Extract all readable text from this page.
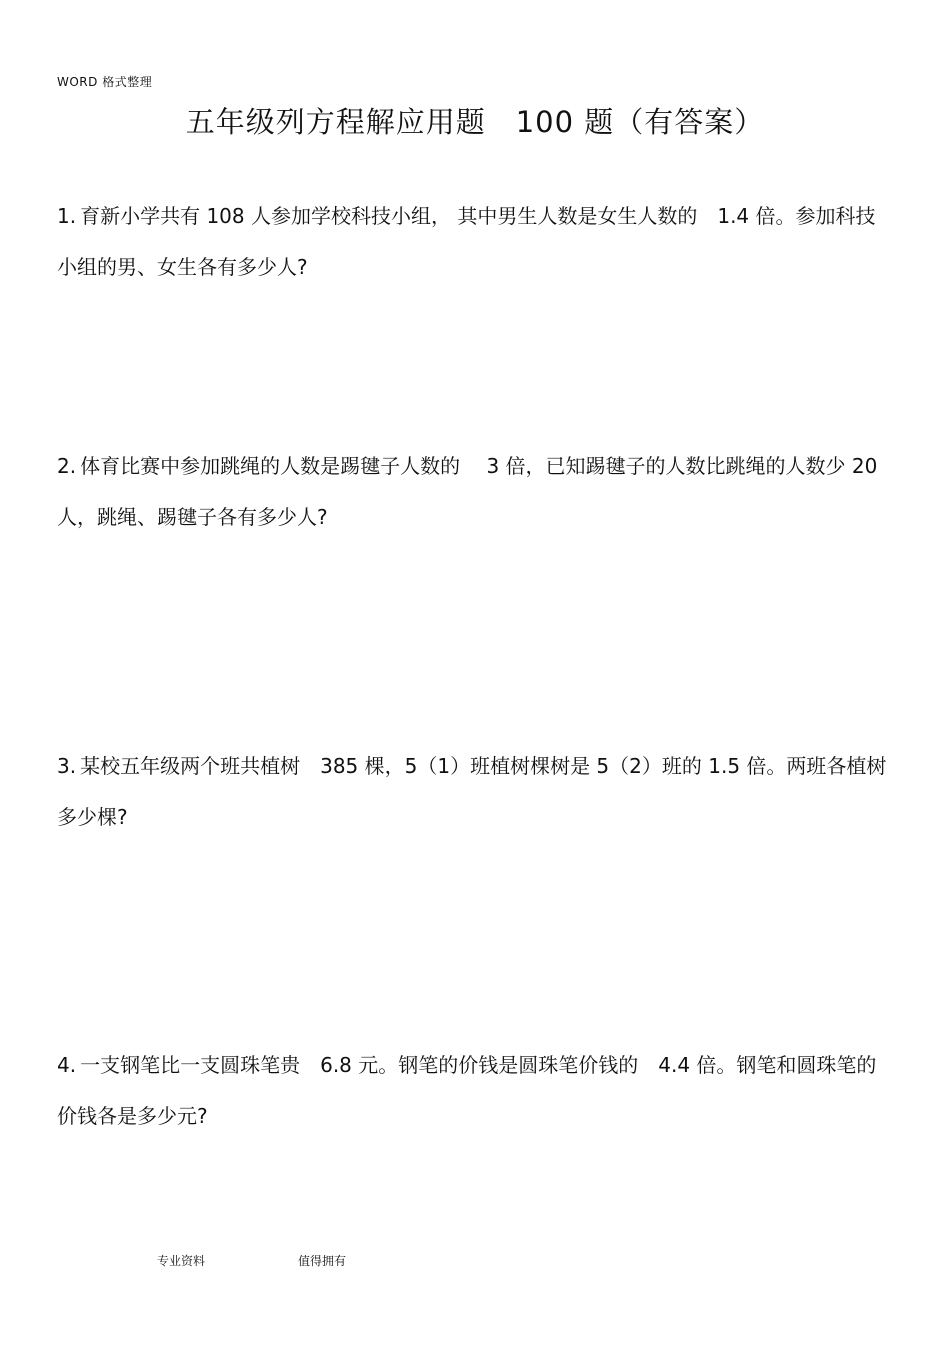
WORD 格式整理
五年级列方程解应用题　100 题（有答案）

1. 育新小学共有 108 人参加学校科技小组， 其中男生人数是女生人数的　1.4 倍。参加科技小组的男、女生各有多少人?

2. 体育比赛中参加跳绳的人数是踢毽子人数的　 3 倍，已知踢毽子的人数比跳绳的人数少 20 人，跳绳、踢毽子各有多少人?

3. 某校五年级两个班共植树　385 棵，5（1）班植树棵树是 5（2）班的 1.5 倍。两班各植树多少棵?

4. 一支钢笔比一支圆珠笔贵　6.8 元。钢笔的价钱是圆珠笔价钱的　4.4 倍。钢笔和圆珠笔的价钱各是多少元?

专业资料	值得拥有
